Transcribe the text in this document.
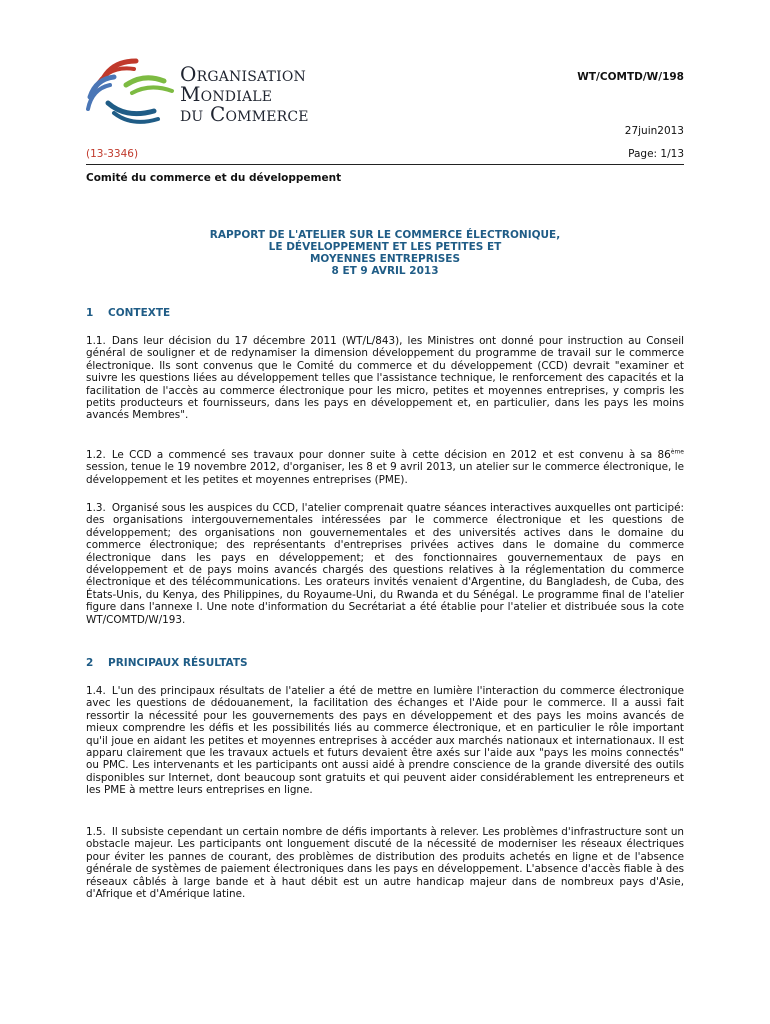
Organisation
Mondiale
du Commerce
WT/COMTD/W/198
27juin2013
(13-3346)	Page: 1/13
Comité du commerce et du développement
RAPPORT DE L'ATELIER SUR LE COMMERCE ÉLECTRONIQUE,
LE DÉVELOPPEMENT ET LES PETITES ET
MOYENNES ENTREPRISES
8 ET 9 AVRIL 2013
1 CONTEXTE

1.1. Dans leur décision du 17 décembre 2011 (WT/L/843), les Ministres ont donné pour instruction au Conseil général de souligner et de redynamiser la dimension développement du programme de travail sur le commerce électronique. Ils sont convenus que le Comité du commerce et du développement (CCD) devrait "examiner et suivre les questions liées au développement telles que l'assistance technique, le renforcement des capacités et la facilitation de l'accès au commerce électronique pour les micro, petites et moyennes entreprises, y compris les petits producteurs et fournisseurs, dans les pays en développement et, en particulier, dans les pays les moins avancés Membres".

1.2. Le CCD a commencé ses travaux pour donner suite à cette décision en 2012 et est convenu à sa 86ème session, tenue le 19 novembre 2012, d'organiser, les 8 et 9 avril 2013, un atelier sur le commerce électronique, le développement et les petites et moyennes entreprises (PME).

1.3. Organisé sous les auspices du CCD, l'atelier comprenait quatre séances interactives auxquelles ont participé: des organisations intergouvernementales intéressées par le commerce électronique et les questions de développement; des organisations non gouvernementales et des universités actives dans le domaine du commerce électronique; des représentants d'entreprises privées actives dans le domaine du commerce électronique dans les pays en développement; et des fonctionnaires gouvernementaux de pays en développement et de pays moins avancés chargés des questions relatives à la réglementation du commerce électronique et des télécommunications. Les orateurs invités venaient d'Argentine, du Bangladesh, de Cuba, des États-Unis, du Kenya, des Philippines, du Royaume-Uni, du Rwanda et du Sénégal. Le programme final de l'atelier figure dans l'annexe I. Une note d'information du Secrétariat a été établie pour l'atelier et distribuée sous la cote WT/COMTD/W/193.

2 PRINCIPAUX RÉSULTATS

1.4. L'un des principaux résultats de l'atelier a été de mettre en lumière l'interaction du commerce électronique avec les questions de dédouanement, la facilitation des échanges et l'Aide pour le commerce. Il a aussi fait ressortir la nécessité pour les gouvernements des pays en développement et des pays les moins avancés de mieux comprendre les défis et les possibilités liés au commerce électronique, et en particulier le rôle important qu'il joue en aidant les petites et moyennes entreprises à accéder aux marchés nationaux et internationaux. Il est apparu clairement que les travaux actuels et futurs devaient être axés sur l'aide aux "pays les moins connectés" ou PMC. Les intervenants et les participants ont aussi aidé à prendre conscience de la grande diversité des outils disponibles sur Internet, dont beaucoup sont gratuits et qui peuvent aider considérablement les entrepreneurs et les PME à mettre leurs entreprises en ligne.

1.5. Il subsiste cependant un certain nombre de défis importants à relever. Les problèmes d'infrastructure sont un obstacle majeur. Les participants ont longuement discuté de la nécessité de moderniser les réseaux électriques pour éviter les pannes de courant, des problèmes de distribution des produits achetés en ligne et de l'absence générale de systèmes de paiement électroniques dans les pays en développement. L'absence d'accès fiable à des réseaux câblés à large bande et à haut débit est un autre handicap majeur dans de nombreux pays d'Asie, d'Afrique et d'Amérique latine.
